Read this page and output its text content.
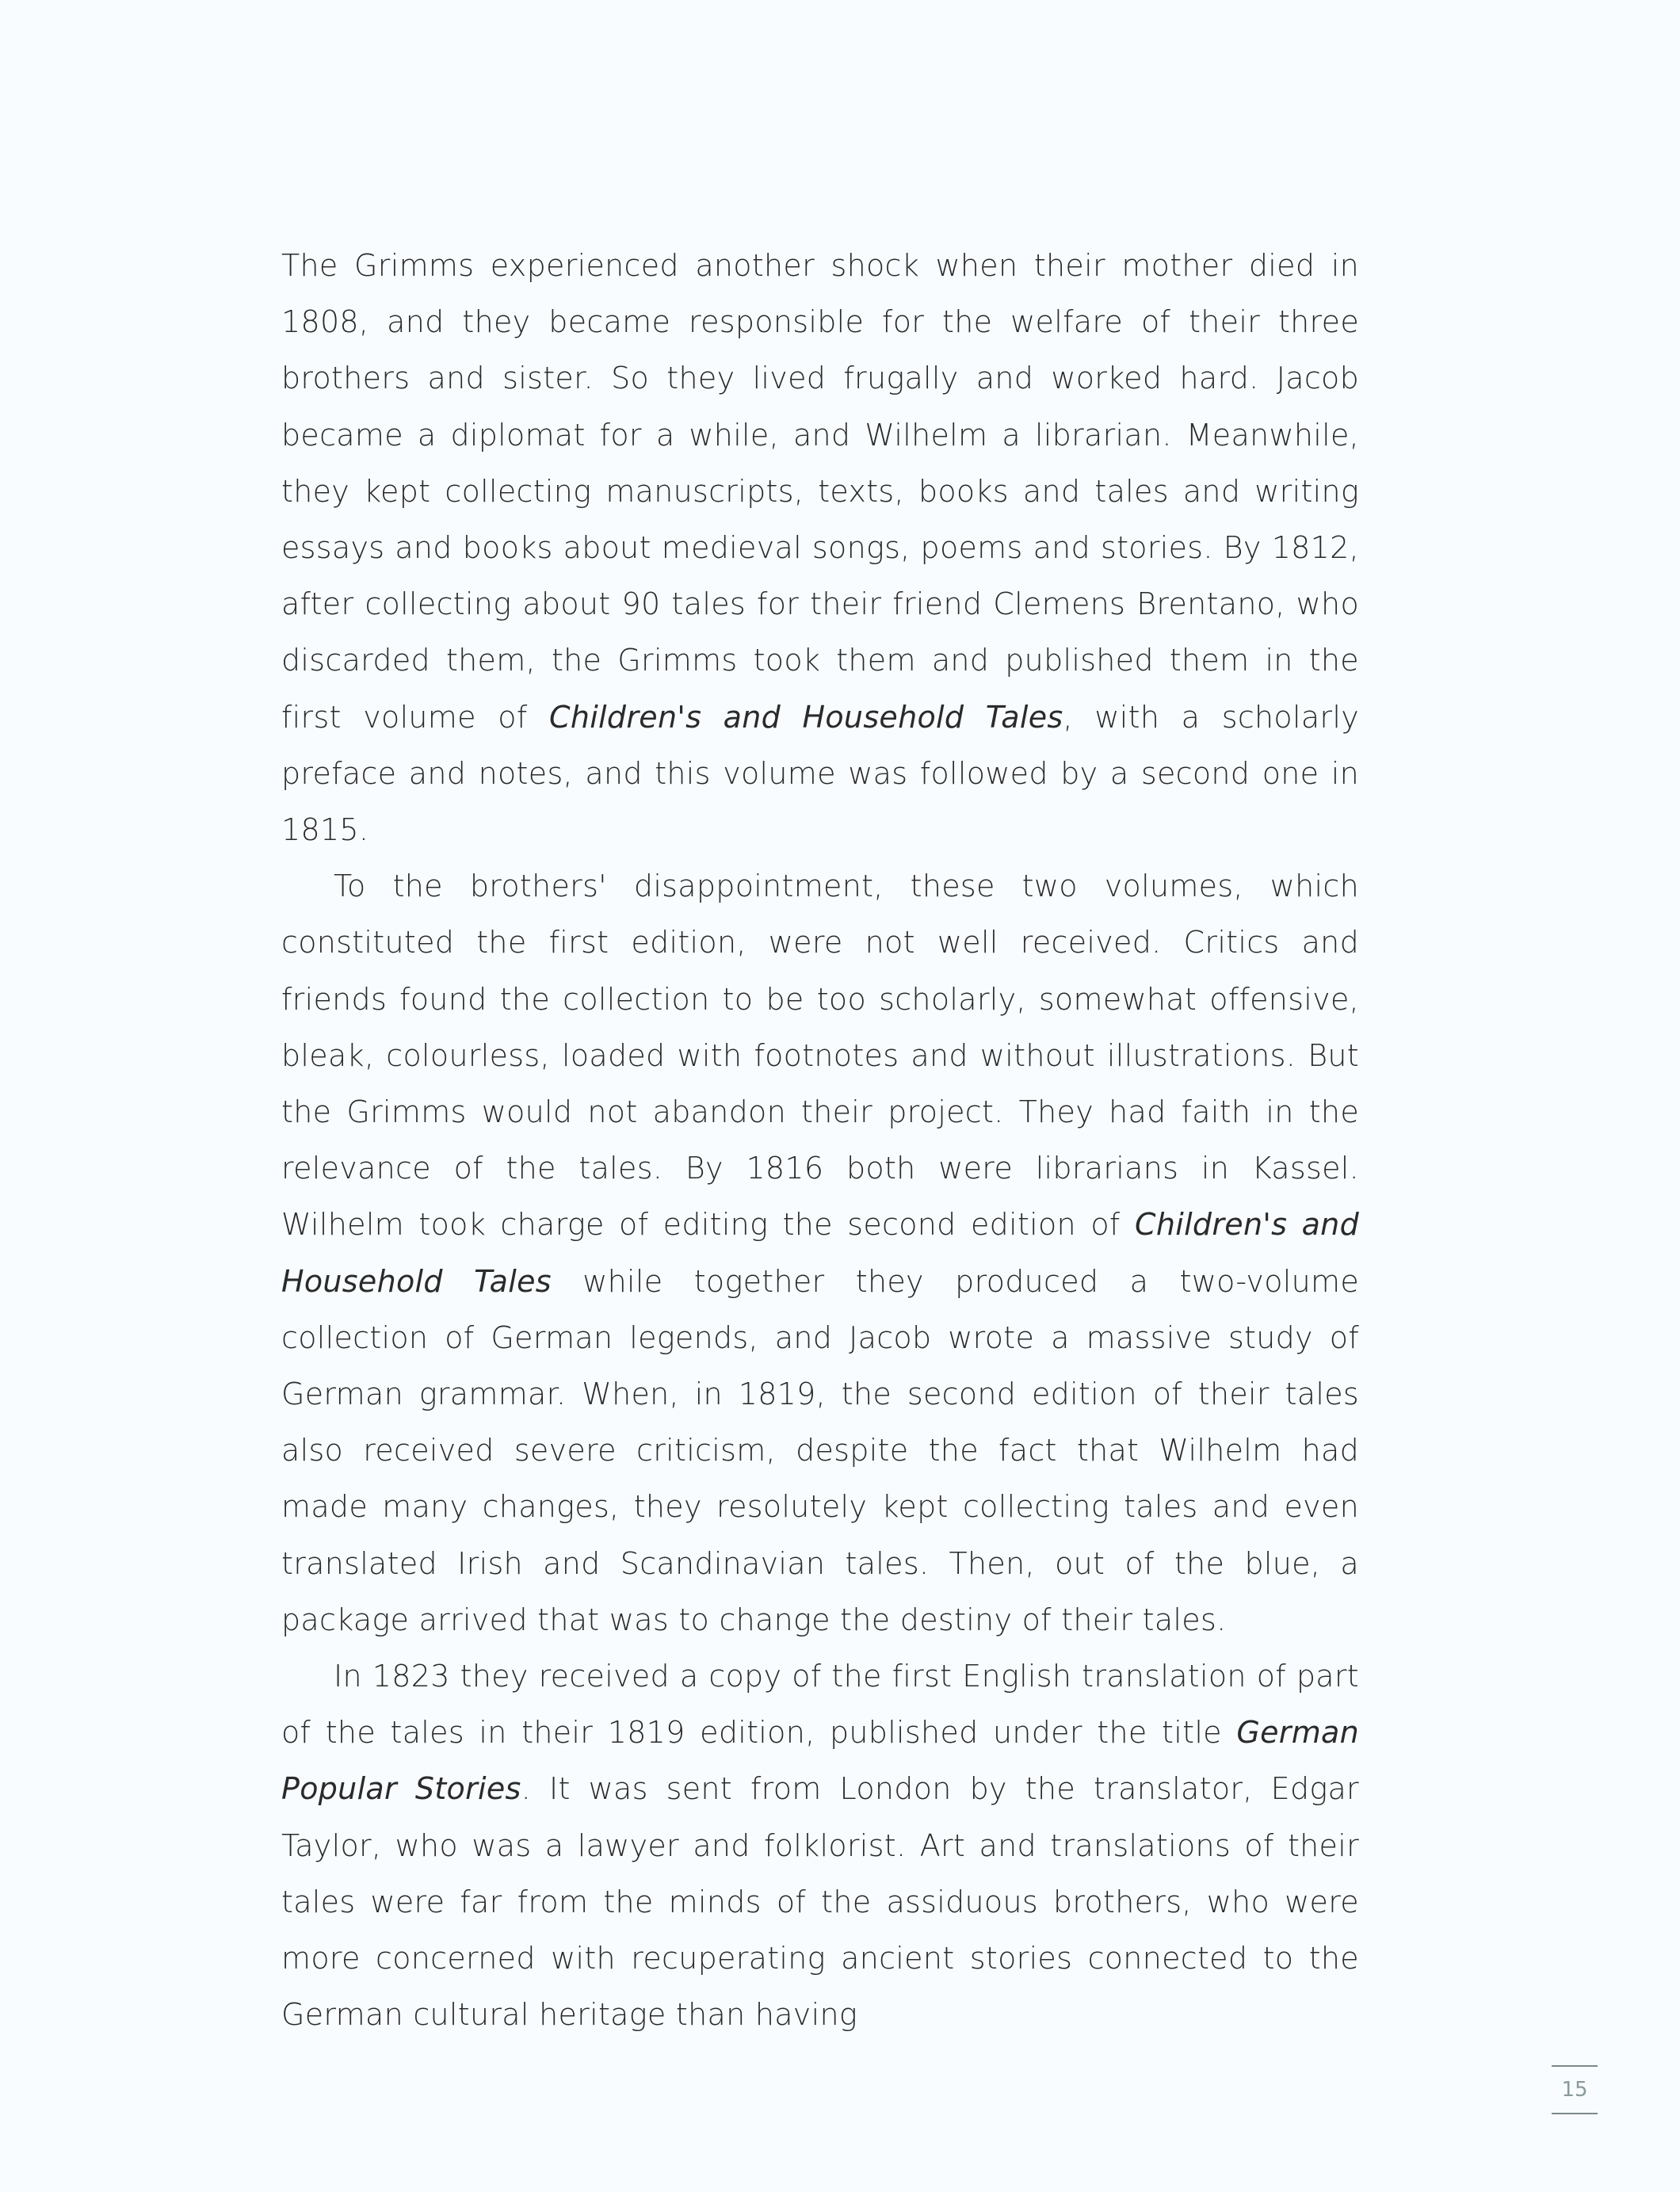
The Grimms experienced another shock when their mother died in 1808, and they became responsible for the welfare of their three brothers and sister. So they lived frugally and worked hard. Jacob became a diplomat for a while, and Wilhelm a librarian. Meanwhile, they kept collecting manuscripts, texts, books and tales and writing essays and books about medieval songs, poems and stories. By 1812, after collecting about 90 tales for their friend Clemens Brentano, who discarded them, the Grimms took them and published them in the first volume of Children's and Household Tales, with a scholarly preface and notes, and this volume was followed by a second one in 1815.

To the brothers' disappointment, these two volumes, which constituted the first edition, were not well received. Critics and friends found the collection to be too scholarly, somewhat offensive, bleak, colourless, loaded with footnotes and without illustrations. But the Grimms would not abandon their project. They had faith in the relevance of the tales. By 1816 both were librarians in Kassel. Wilhelm took charge of editing the second edition of Children's and Household Tales while together they produced a two-volume collection of German legends, and Jacob wrote a massive study of German grammar. When, in 1819, the second edition of their tales also received severe criticism, despite the fact that Wilhelm had made many changes, they resolutely kept collecting tales and even translated Irish and Scandinavian tales. Then, out of the blue, a package arrived that was to change the destiny of their tales.

In 1823 they received a copy of the first English translation of part of the tales in their 1819 edition, published under the title German Popular Stories. It was sent from London by the translator, Edgar Taylor, who was a lawyer and folklorist. Art and translations of their tales were far from the minds of the assiduous brothers, who were more concerned with recuperating ancient stories connected to the German cultural heritage than having

15
